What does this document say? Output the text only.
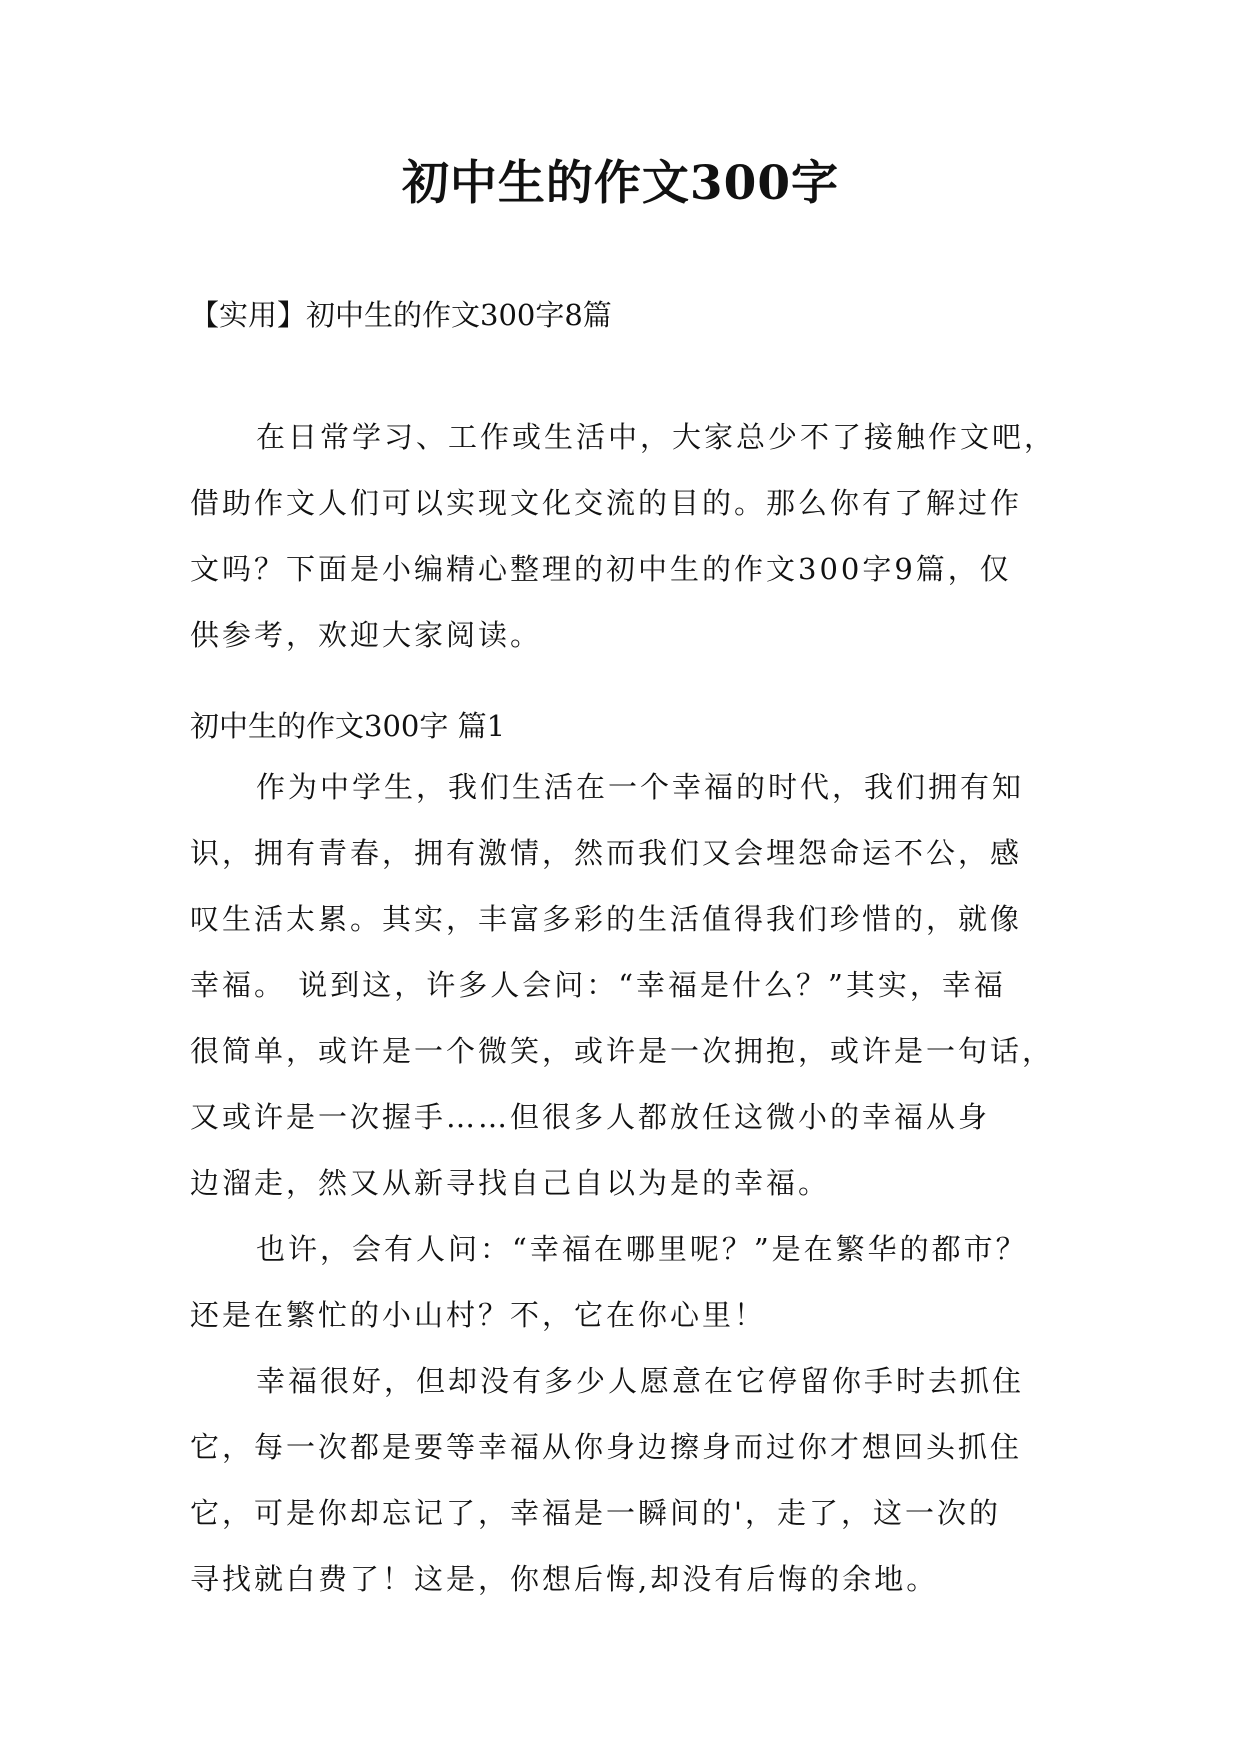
初中生的作文300字
【实用】初中生的作文300字8篇
在日常学习、工作或生活中，大家总少不了接触作文吧，
借助作文人们可以实现文化交流的目的。那么你有了解过作
文吗？下面是小编精心整理的初中生的作文300字9篇，仅
供参考，欢迎大家阅读。
初中生的作文300字 篇1
作为中学生，我们生活在一个幸福的时代，我们拥有知
识，拥有青春，拥有激情，然而我们又会埋怨命运不公，感
叹生活太累。其实，丰富多彩的生活值得我们珍惜的，就像
幸福。 说到这，许多人会问：“幸福是什么？”其实，幸福
很简单，或许是一个微笑，或许是一次拥抱，或许是一句话，
又或许是一次握手……但很多人都放任这微小的幸福从身
边溜走，然又从新寻找自己自以为是的幸福。
也许，会有人问：“幸福在哪里呢？”是在繁华的都市？
还是在繁忙的小山村？不，它在你心里！
幸福很好，但却没有多少人愿意在它停留你手时去抓住
它，每一次都是要等幸福从你身边擦身而过你才想回头抓住
它，可是你却忘记了，幸福是一瞬间的'，走了，这一次的
寻找就白费了！这是，你想后悔,却没有后悔的余地。
